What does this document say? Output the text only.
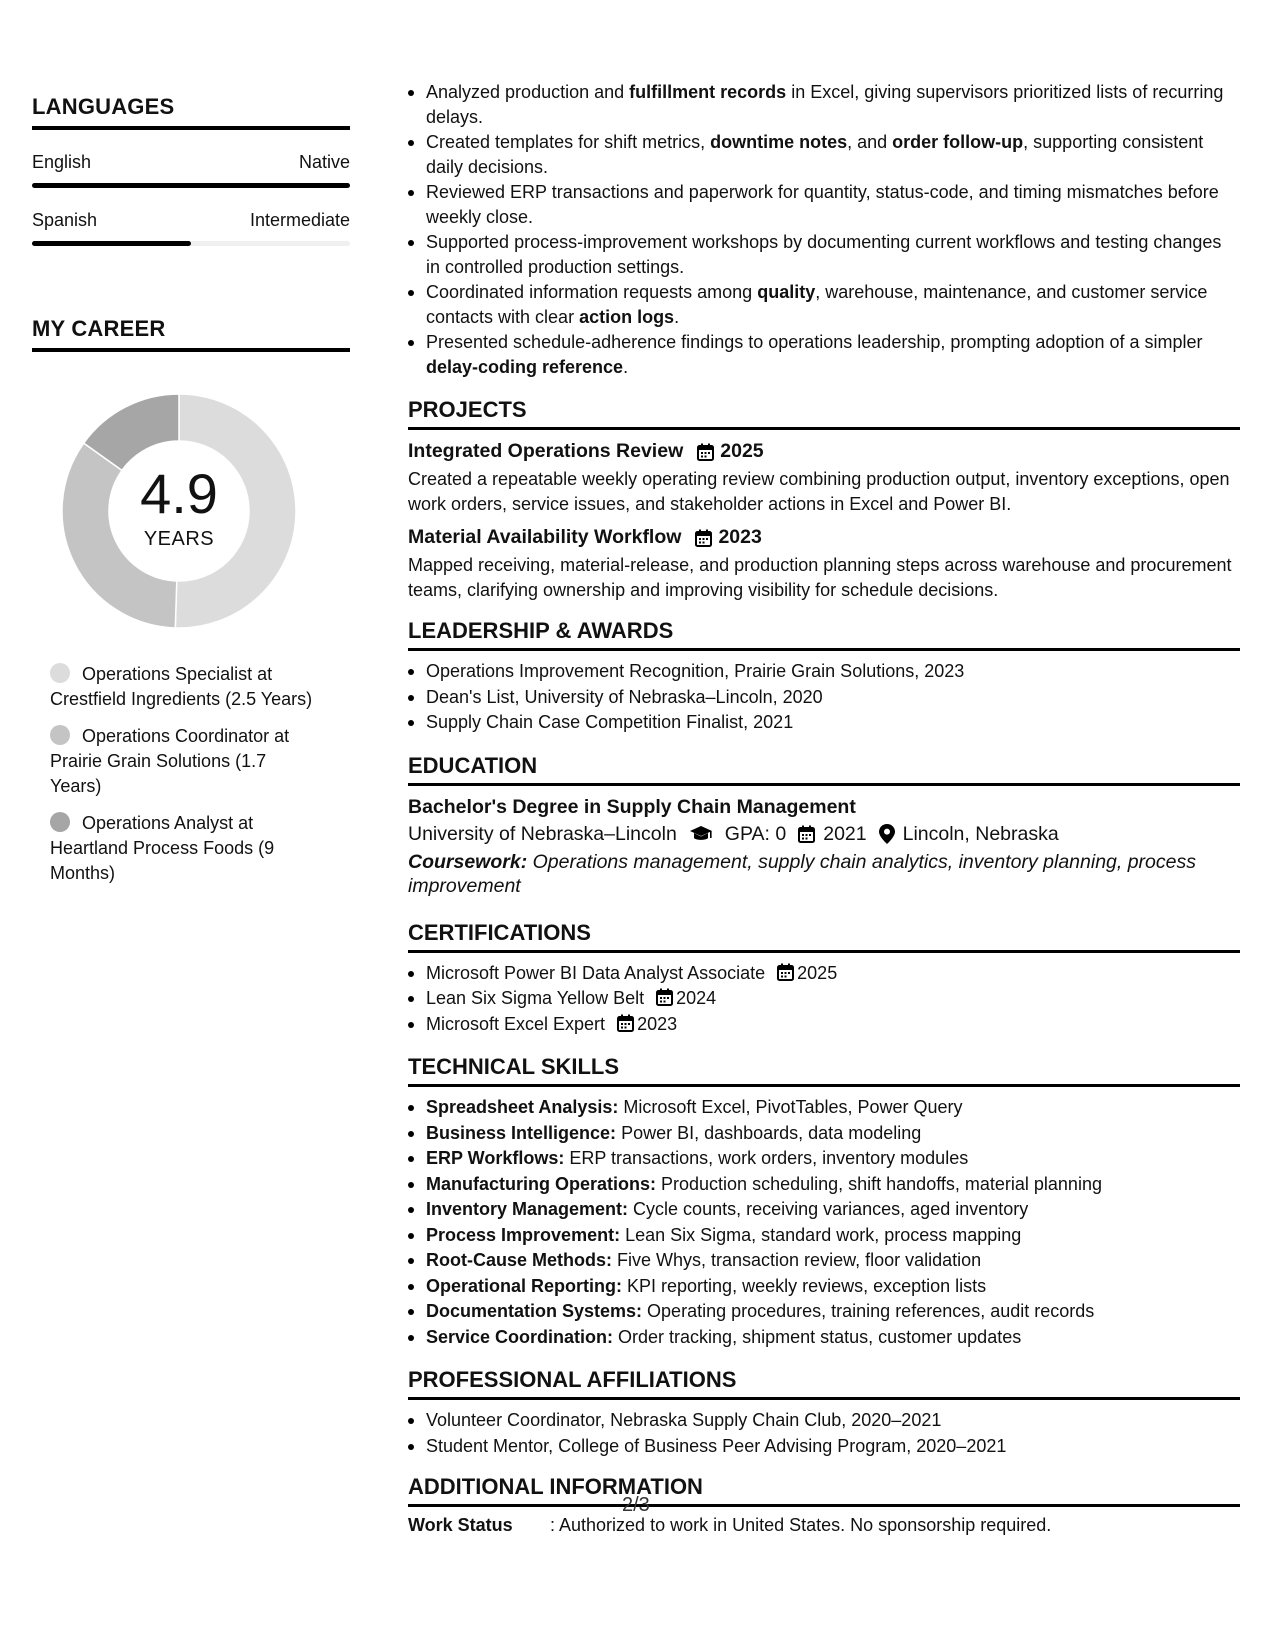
LANGUAGES
English	Native
Spanish	Intermediate
MY CAREER
4.9
YEARS
Operations Specialist at Crestfield Ingredients (2.5 Years)
Operations Coordinator at Prairie Grain Solutions (1.7 Years)
Operations Analyst at Heartland Process Foods (9 Months)
Analyzed production and fulfillment records in Excel, giving supervisors prioritized lists of recurring delays.
Created templates for shift metrics, downtime notes, and order follow-up, supporting consistent daily decisions.
Reviewed ERP transactions and paperwork for quantity, status-code, and timing mismatches before weekly close.
Supported process-improvement workshops by documenting current workflows and testing changes in controlled production settings.
Coordinated information requests among quality, warehouse, maintenance, and customer service contacts with clear action logs.
Presented schedule-adherence findings to operations leadership, prompting adoption of a simpler delay-coding reference.
PROJECTS
Integrated Operations Review 2025
Created a repeatable weekly operating review combining production output, inventory exceptions, open work orders, service issues, and stakeholder actions in Excel and Power BI.
Material Availability Workflow 2023
Mapped receiving, material-release, and production planning steps across warehouse and procurement teams, clarifying ownership and improving visibility for schedule decisions.
LEADERSHIP & AWARDS
Operations Improvement Recognition, Prairie Grain Solutions, 2023
Dean's List, University of Nebraska–Lincoln, 2020
Supply Chain Case Competition Finalist, 2021
EDUCATION
Bachelor's Degree in Supply Chain Management
University of Nebraska–Lincoln GPA: 0 2021 Lincoln, Nebraska
Coursework: Operations management, supply chain analytics, inventory planning, process improvement
CERTIFICATIONS
Microsoft Power BI Data Analyst Associate 2025
Lean Six Sigma Yellow Belt 2024
Microsoft Excel Expert 2023
TECHNICAL SKILLS
Spreadsheet Analysis: Microsoft Excel, PivotTables, Power Query
Business Intelligence: Power BI, dashboards, data modeling
ERP Workflows: ERP transactions, work orders, inventory modules
Manufacturing Operations: Production scheduling, shift handoffs, material planning
Inventory Management: Cycle counts, receiving variances, aged inventory
Process Improvement: Lean Six Sigma, standard work, process mapping
Root-Cause Methods: Five Whys, transaction review, floor validation
Operational Reporting: KPI reporting, weekly reviews, exception lists
Documentation Systems: Operating procedures, training references, audit records
Service Coordination: Order tracking, shipment status, customer updates
PROFESSIONAL AFFILIATIONS
Volunteer Coordinator, Nebraska Supply Chain Club, 2020–2021
Student Mentor, College of Business Peer Advising Program, 2020–2021
ADDITIONAL INFORMATION
Work Status	: Authorized to work in United States. No sponsorship required.
2/3
